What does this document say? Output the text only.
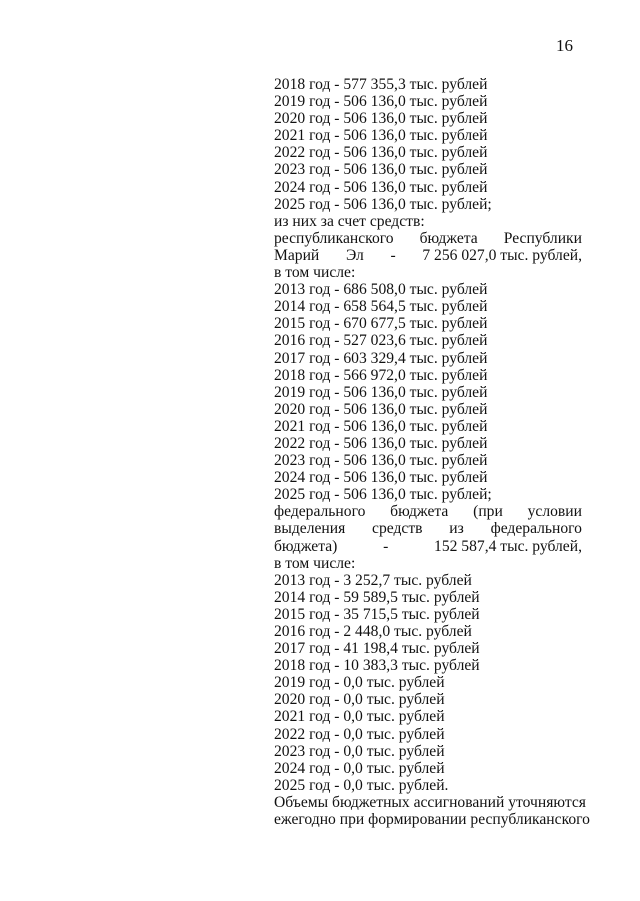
16
2018 год - 577 355,3 тыс. рублей
2019 год - 506 136,0 тыс. рублей
2020 год - 506 136,0 тыс. рублей
2021 год - 506 136,0 тыс. рублей
2022 год - 506 136,0 тыс. рублей
2023 год - 506 136,0 тыс. рублей
2024 год - 506 136,0 тыс. рублей
2025 год - 506 136,0 тыс. рублей;
из них за счет средств:
республиканского бюджета Республики
Марий Эл - 7 256 027,0 тыс. рублей,
в том числе:
2013 год - 686 508,0 тыс. рублей
2014 год - 658 564,5 тыс. рублей
2015 год - 670 677,5 тыс. рублей
2016 год - 527 023,6 тыс. рублей
2017 год - 603 329,4 тыс. рублей
2018 год - 566 972,0 тыс. рублей
2019 год - 506 136,0 тыс. рублей
2020 год - 506 136,0 тыс. рублей
2021 год - 506 136,0 тыс. рублей
2022 год - 506 136,0 тыс. рублей
2023 год - 506 136,0 тыс. рублей
2024 год - 506 136,0 тыс. рублей
2025 год - 506 136,0 тыс. рублей;
федерального бюджета (при условии
выделения средств из федерального
бюджета)	-	152 587,4 тыс. рублей,
в том числе:
2013 год - 3 252,7 тыс. рублей
2014 год - 59 589,5 тыс. рублей
2015 год - 35 715,5 тыс. рублей
2016 год - 2 448,0 тыс. рублей
2017 год - 41 198,4 тыс. рублей
2018 год - 10 383,3 тыс. рублей
2019 год - 0,0 тыс. рублей
2020 год - 0,0 тыс. рублей
2021 год - 0,0 тыс. рублей
2022 год - 0,0 тыс. рублей
2023 год - 0,0 тыс. рублей
2024 год - 0,0 тыс. рублей
2025 год - 0,0 тыс. рублей.
Объемы бюджетных ассигнований уточняются
ежегодно при формировании республиканского
